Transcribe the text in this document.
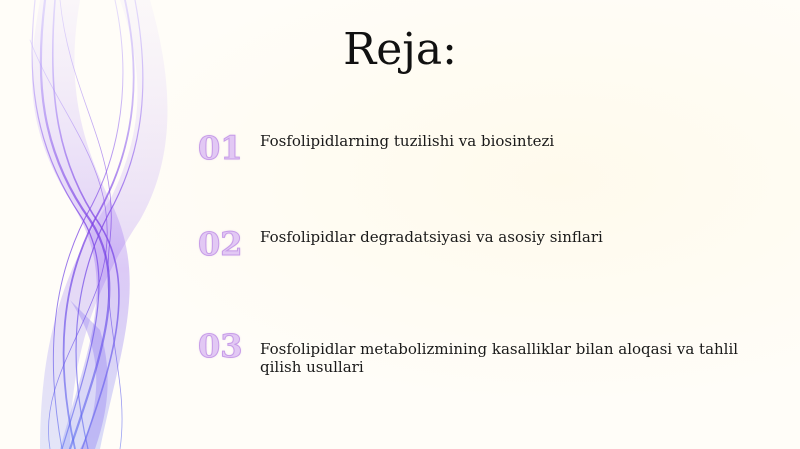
Reja:
01	Fosfolipidlarning tuzilishi va biosintezi
02	Fosfolipidlar degradatsiyasi va asosiy sinflari
03	Fosfolipidlar metabolizmining kasalliklar bilan aloqasi va tahlil qilish usullari
